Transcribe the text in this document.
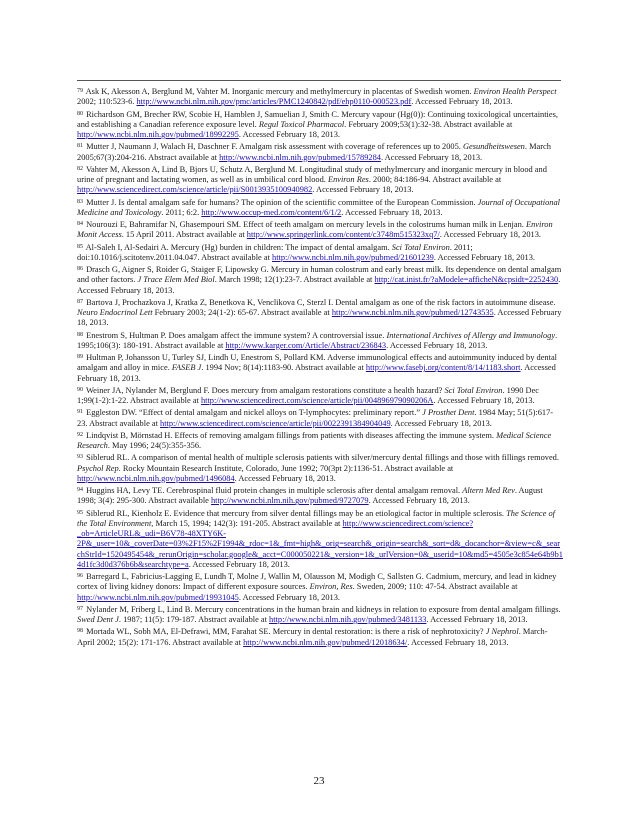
$^{79}$ Ask K, Akesson A, Berglund M, Vahter M. Inorganic mercury and methylmercury in placentas of Swedish women. Environ Health Perspect 2002; 110:523-6. http://www.ncbi.nlm.nih.gov/pmc/articles/PMC1240842/pdf/ehp0110-000523.pdf. Accessed February 18, 2013.

$^{80}$ Richardson GM, Brecher RW, Scobie H, Hamblen J, Samuelian J, Smith C. Mercury vapour (Hg(0)): Continuing toxicological uncertainties, and establishing a Canadian reference exposure level. Regul Toxicol Pharmacol. February 2009;53(1):32-38. Abstract available at http://www.ncbi.nlm.nih.gov/pubmed/18992295. Accessed February 18, 2013.

$^{81}$ Mutter J, Naumann J, Walach H, Daschner F. Amalgam risk assessment with coverage of references up to 2005. Gesundheitswesen. March 2005;67(3):204-216. Abstract available at http://www.ncbi.nlm.nih.gov/pubmed/15789284. Accessed February 18, 2013.

$^{82}$ Vahter M, Akesson A, Lind B, Bjors U, Schutz A, Berglund M. Longitudinal study of methylmercury and inorganic mercury in blood and urine of pregnant and lactating women, as well as in umbilical cord blood. Environ Res. 2000; 84:186-94. Abstract available at http://www.sciencedirect.com/science/article/pii/S0013935100940982. Accessed February 18, 2013.

$^{83}$ Mutter J. Is dental amalgam safe for humans? The opinion of the scientific committee of the European Commission. Journal of Occupational Medicine and Toxicology. 2011; 6:2. http://www.occup-med.com/content/6/1/2. Accessed February 18, 2013.

$^{84}$ Nourouzi E, Bahramifar N, Ghasempouri SM. Effect of teeth amalgam on mercury levels in the colostrums human milk in Lenjan. Environ Monit Access. 15 April 2011. Abstract available at http://www.springerlink.com/content/c3748m515323xq7/. Accessed February 18, 2013.

$^{85}$ Al-Saleh I, Al-Sedairi A. Mercury (Hg) burden in children: The impact of dental amalgam. Sci Total Environ. 2011; doi:10.1016/j.scitotenv.2011.04.047. Abstract available at http://www.ncbi.nlm.nih.gov/pubmed/21601239. Accessed February 18, 2013.

$^{86}$ Drasch G, Aigner S, Roider G, Staiger F, Lipowsky G. Mercury in human colostrum and early breast milk. Its dependence on dental amalgam and other factors. J Trace Elem Med Biol. March 1998; 12(1):23-7. Abstract available at http://cat.inist.fr/?aModele=afficheN&cpsidt=2252430. Accessed February 18, 2013.

$^{87}$ Bartova J, Prochazkova J, Kratka Z, Benetkova K, Venclikova C, Sterzl I. Dental amalgam as one of the risk factors in autoimmune disease. Neuro Endocrinol Lett February 2003; 24(1-2): 65-67. Abstract available at http://www.ncbi.nlm.nih.gov/pubmed/12743535. Accessed February 18, 2013.

$^{88}$ Enestrom S, Hultman P. Does amalgam affect the immune system? A controversial issue. International Archives of Allergy and Immunology. 1995;106(3): 180-191. Abstract available at http://www.karger.com/Article/Abstract/236843. Accessed February 18, 2013.

$^{89}$ Hultman P, Johansson U, Turley SJ, Lindh U, Enestrom S, Pollard KM. Adverse immunological effects and autoimmunity induced by dental amalgam and alloy in mice. FASEB J. 1994 Nov; 8(14):1183-90. Abstract available at http://www.fasebj.org/content/8/14/1183.short. Accessed February 18, 2013.

$^{90}$ Weiner JA, Nylander M, Berglund F. Does mercury from amalgam restorations constitute a health hazard? Sci Total Environ. 1990 Dec 1;99(1-2):1-22. Abstract available at http://www.sciencedirect.com/science/article/pii/004896979090206A. Accessed February 18, 2013.

$^{91}$ Eggleston DW. “Effect of dental amalgam and nickel alloys on T-lymphocytes: preliminary report.” J Prosthet Dent. 1984 May; 51(5):617-23. Abstract available at http://www.sciencedirect.com/science/article/pii/0022391384904049. Accessed February 18, 2013.

$^{92}$ Lindqvist B, Mörnstad H. Effects of removing amalgam fillings from patients with diseases affecting the immune system. Medical Science Research. May 1996; 24(5):355-356.

$^{93}$ Siblerud RL. A comparison of mental health of multiple sclerosis patients with silver/mercury dental fillings and those with fillings removed. Psychol Rep. Rocky Mountain Research Institute, Colorado, June 1992; 70(3pt 2):1136-51. Abstract available at http://www.ncbi.nlm.nih.gov/pubmed/1496084. Accessed February 18, 2013.

$^{94}$ Huggins HA, Levy TE. Cerebrospinal fluid protein changes in multiple sclerosis after dental amalgam removal. Altern Med Rev. August 1998; 3(4): 295-300. Abstract available http://www.ncbi.nlm.nih.gov/pubmed/9727079. Accessed February 18, 2013.

$^{95}$ Siblerud RL, Kienholz E. Evidence that mercury from silver dental fillings may be an etiological factor in multiple sclerosis. The Science of the Total Environment, March 15, 1994; 142(3): 191-205. Abstract available at http://www.sciencedirect.com/science?_ob=ArticleURL&_udi=B6V78-48XTY6K-2P&_user=10&_coverDate=03%2F15%2F1994&_rdoc=1&_fmt=high&_orig=search&_origin=search&_sort=d&_docanchor=&view=c&_searchStrId=1520495454&_rerunOrigin=scholar.google&_acct=C000050221&_version=1&_urlVersion=0&_userid=10&md5=4505e3c854e64b9b14d1fc3d0d376b6b&searchtype=a. Accessed February 18, 2013.

$^{96}$ Barregard L, Fabricius-Lagging E, Lundh T, Molne J, Wallin M, Olausson M, Modigh C, Sallsten G. Cadmium, mercury, and lead in kidney cortex of living kidney donors: Impact of different exposure sources. Environ, Res. Sweden, 2009; 110: 47-54. Abstract available at http://www.ncbi.nlm.nih.gov/pubmed/19931045. Accessed February 18, 2013.

$^{97}$ Nylander M, Friberg L, Lind B. Mercury concentrations in the human brain and kidneys in relation to exposure from dental amalgam fillings. Swed Dent J. 1987; 11(5): 179-187. Abstract available at http://www.ncbi.nlm.nih.gov/pubmed/3481133. Accessed February 18, 2013.

$^{98}$ Mortada WL, Sobh MA, El-Defrawi, MM, Farahat SE. Mercury in dental restoration: is there a risk of nephrotoxicity? J Nephrol. March-April 2002; 15(2): 171-176. Abstract available at http://www.ncbi.nlm.nih.gov/pubmed/12018634/. Accessed February 18, 2013.

23
